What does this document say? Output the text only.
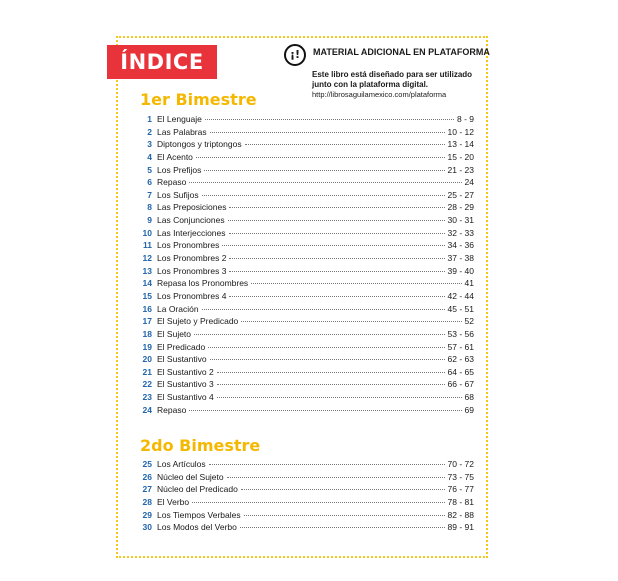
ÍNDICE	¡!	MATERIAL ADICIONAL EN PLATAFORMA
Este libro está diseñado para ser utilizado junto con la plataforma digital.
http://librosaguilamexico.com/plataforma
1er Bimestre
1 El Lenguaje	8 - 9
2 Las Palabras	10 - 12
3 Diptongos y triptongos	13 - 14
4 El Acento	15 - 20
5 Los Prefijos	21 - 23
6 Repaso	24
7 Los Sufijos	25 - 27
8 Las Preposiciones	28 - 29
9 Las Conjunciones	30 - 31
10 Las Interjecciones	32 - 33
11 Los Pronombres	34 - 36
12 Los Pronombres 2	37 - 38
13 Los Pronombres 3	39 - 40
14 Repasa los Pronombres	41
15 Los Pronombres 4	42 - 44
16 La Oración	45 - 51
17 El Sujeto y Predicado	52
18 El Sujeto	53 - 56
19 El Predicado	57 - 61
20 El Sustantivo	62 - 63
21 El Sustantivo 2	64 - 65
22 El Sustantivo 3	66 - 67
23 El Sustantivo 4	68
24 Repaso	69
2do Bimestre
25 Los Artículos	70 - 72
26 Núcleo del Sujeto	73 - 75
27 Núcleo del Predicado	76 - 77
28 El Verbo	78 - 81
29 Los Tiempos Verbales	82 - 88
30 Los Modos del Verbo	89 - 91
